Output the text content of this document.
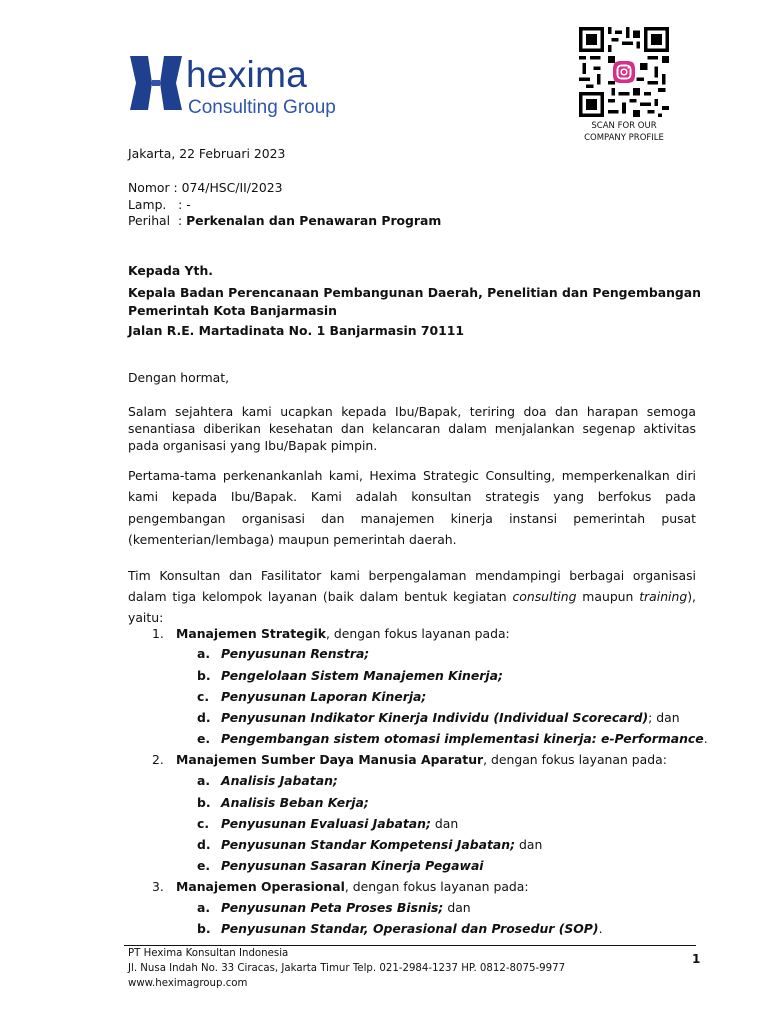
hexima
Consulting Group
SCAN FOR OUR
COMPANY PROFILE
Jakarta, 22 Februari 2023
Nomor : 074/HSC/II/2023
Lamp.   : -
Perihal  : Perkenalan dan Penawaran Program
Kepada Yth.
Kepala Badan Perencanaan Pembangunan Daerah, Penelitian dan Pengembangan
Pemerintah Kota Banjarmasin
Jalan R.E. Martadinata No. 1 Banjarmasin 70111
Dengan hormat,

Salam sejahtera kami ucapkan kepada Ibu/Bapak, teriring doa dan harapan semoga senantiasa diberikan kesehatan dan kelancaran dalam menjalankan segenap aktivitas pada organisasi yang Ibu/Bapak pimpin.

Pertama-tama perkenankanlah kami, Hexima Strategic Consulting, memperkenalkan diri kami kepada Ibu/Bapak. Kami adalah konsultan strategis yang berfokus pada pengembangan organisasi dan manajemen kinerja instansi pemerintah pusat (kementerian/lembaga) maupun pemerintah daerah.

Tim Konsultan dan Fasilitator kami berpengalaman mendampingi berbagai organisasi dalam tiga kelompok layanan (baik dalam bentuk kegiatan consulting maupun training), yaitu:

1. Manajemen Strategik, dengan fokus layanan pada:
a. Penyusunan Renstra;
b. Pengelolaan Sistem Manajemen Kinerja;
c. Penyusunan Laporan Kinerja;
d. Penyusunan Indikator Kinerja Individu (Individual Scorecard); dan
e. Pengembangan sistem otomasi implementasi kinerja: e-Performance.
2. Manajemen Sumber Daya Manusia Aparatur, dengan fokus layanan pada:
a. Analisis Jabatan;
b. Analisis Beban Kerja;
c. Penyusunan Evaluasi Jabatan; dan
d. Penyusunan Standar Kompetensi Jabatan; dan
e. Penyusunan Sasaran Kinerja Pegawai
3. Manajemen Operasional, dengan fokus layanan pada:
a. Penyusunan Peta Proses Bisnis; dan
b. Penyusunan Standar, Operasional dan Prosedur (SOP).
PT Hexima Konsultan Indonesia
Jl. Nusa Indah No. 33 Ciracas, Jakarta Timur Telp. 021-2984-1237 HP. 0812-8075-9977
www.heximagroup.com
1
